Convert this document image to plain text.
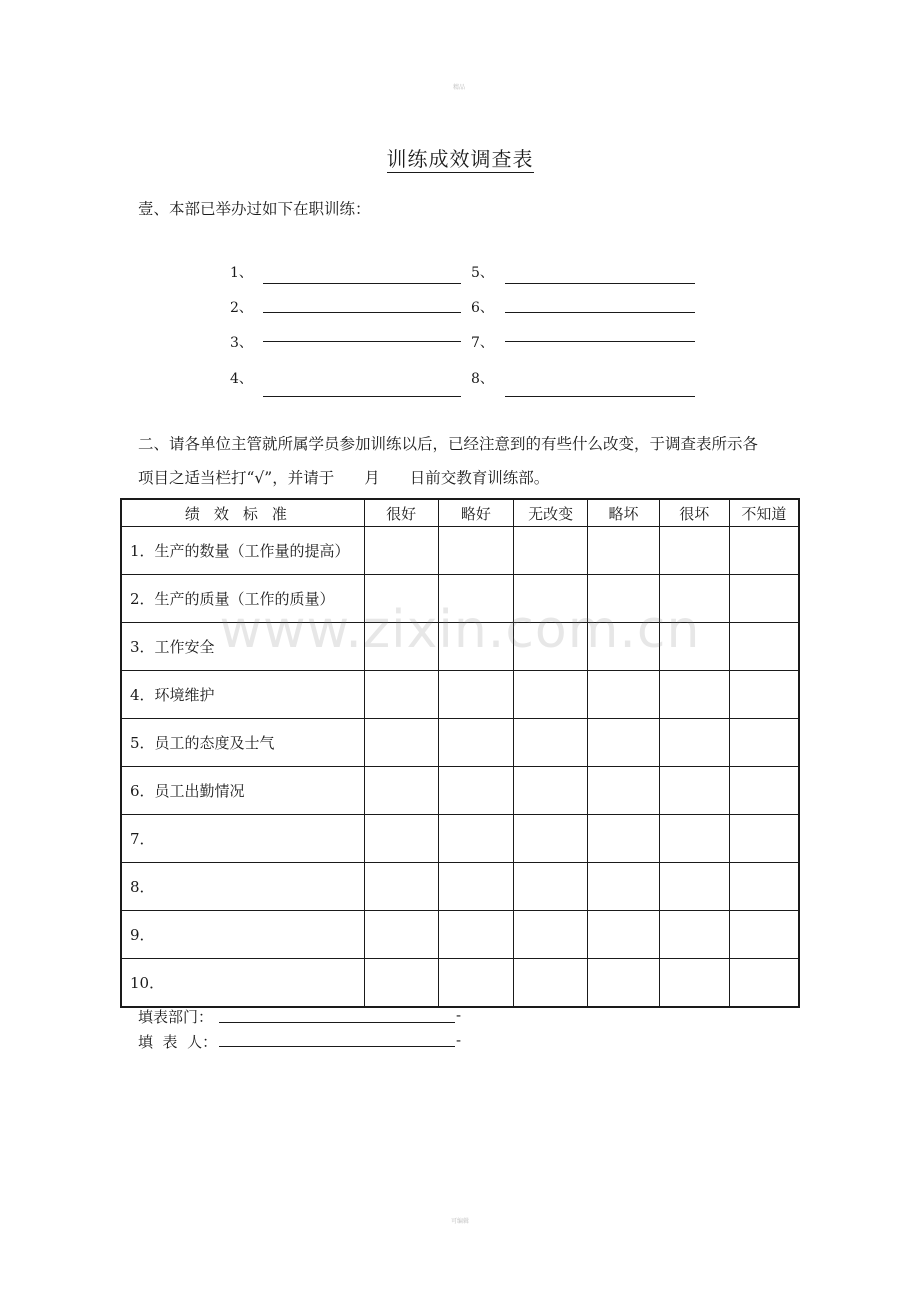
精品
训练成效调查表
壹、本部已举办过如下在职训练：
1、
2、
3、
4、
5、
6、
7、
8、
二、请各单位主管就所属学员参加训练以后，已经注意到的有些什么改变，于调查表所示各
项目之适当栏打“√”，并请于 月 日前交教育训练部。
绩效标准	很好	略好	无改变	略坏	很坏	不知道
1．生产的数量（工作量的提高）						
2．生产的质量（工作的质量）						
3．工作安全						
4．环境维护						
5．员工的态度及士气						
6．员工出勤情况						
7．						
8．						
9．						
10．						
www.zixin.com.cn
填表部门：	-
填  表  人：	-
可编辑
